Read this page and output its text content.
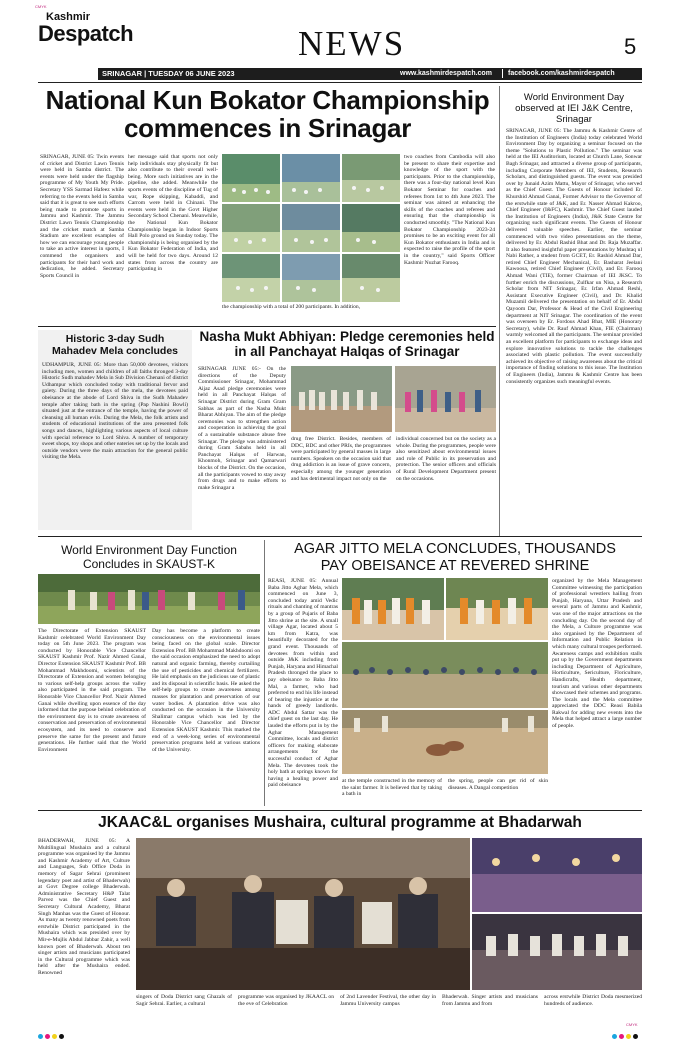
CMYK
CMYK
Kashmir
Despatch	NEWS	5
SRINAGAR | TUESDAY 06 JUNE 2023	www.kashmirdespatch.com facebook.com/kashmirdespatch
National Kun Bokator Championship
commences in Srinagar
SRINAGAR, JUNE 05: Twin events of cricket and District Lawn Tennis were held in Samba district. The events were held under the flagship programme of My Youth My Pride. Secretary YSS Sarmad Hafeez while referring to the events held in Samba said that it is great to see such efforts being made to promote sports in Jammu and Kashmir. The Jammu District Lawn Tennis Championship and the cricket match at Samba Stadium are excellent examples of how we can encourage young people to take an active interest in sports, I commend the organisers and participants for their hard work and dedication, he added. Secretary Sports Council in
her message said that sports not only help individuals stay physically fit but also contribute to their overall well-being. More such initiatives are in the pipeline, she added. Meanwhile the sports events of the discipline of Tug of war, Rope skipping, Kabaddi, and Carrom were held in Chinani. The events were held in the Govt Higher Secondary School Chenani. Meanwhile, the National Kun Bokator Championship began in Indoor Sports Hall Polo ground on Sunday today. The championship is being organised by the Kun Bokator Federation of India, and will be held for two days. Around 12 states from across the country are participating in
the championship with a total of 200 participants. In addition,
two coaches from Cambodia will also be present to share their expertise and knowledge of the sport with the participants. Prior to the championship, there was a four-day national level Kun Bokator Seminar for coaches and referees from 1st to 4th June 2023. The seminar was aimed at enhancing the skills of the coaches and referees and ensuring that the championship is conducted smoothly. "The National Kun Bokator Championship 2023-24 promises to be an exciting event for all Kun Bokator enthusiasts in India and is expected to raise the profile of the sport in the country," said Sports Officer Kashmir Nuzhat Farooq.
World Environment Day observed at IEI J&K Centre, Srinagar
SRINAGAR, JUNE 05: The Jammu & Kashmir Centre of the Institution of Engineers (India) today celebrated World Environment Day by organizing a seminar focused on the theme "Solutions to Plastic Pollution." The seminar was held at the IEI Auditorium, located at Church Lane, Sonwar Bagh Srinagar, and attracted a diverse group of participants, including Corporate Members of IEI, Students, Research Scholars, and distinguished guests. The event was presided over by Junaid Azim Mattu, Mayor of Srinagar, who served as the Chief Guest. The Guests of Honour included Er. Khurshid Ahmad Ganai, Former Advisor to the Governor of the erstwhile state of J&K, and Er. Nasser Ahmad Kakroo, Chief Engineer (I&FC), Kashmir. The Chief Guest lauded the Institution of Engineers (India), J&K State Centre for organizing such significant events. The Guests of Honour delivered valuable speeches. Earlier, the seminar commenced with two video presentations on the theme, delivered by Er. Abdul Rashid Bhat and Dr. Raja Muzaffar. It also featured insightful paper presentations by Mushtaq ul Nabi Rather, a student from GCET, Er. Rashid Ahmad Dar, retired Chief Engineer Mechanical, Er. Basharat Jeelani Kawoosa, retired Chief Engineer (Civil), and Er. Farooq Ahmad Wani (TIE), former Chairman of IEI JKSC. To further enrich the discussions, Zulfkar un Nisa, a Research Scholar from NIT Srinagar, Er. Irfan Ahmad Reshi, Assistant Executive Engineer (Civil), and Dr. Khalid Muzamil delivered the presentation on behalf of Er. Abdul Qayoom Dar, Professor & Head of the Civil Engineering department at NIT Srinagar. The coordination of the event was overseen by Er. Fordous Ahad Bhat, MIE (Honorary Secretary), while Dr. Rauf Ahmad Khan, FIE (Chairman) warmly welcomed all the participants. The seminar provided an excellent platform for participants to exchange ideas and explore innovative solutions to tackle the challenges associated with plastic pollution. The event successfully achieved its objective of raising awareness about the critical importance of finding solutions to this issue. The Institution of Engineers (India), Jammu & Kashmir Centre has been consistently organizes such meaningful events.
Historic 3-day Sudh Mahadev Mela concludes
UDHAMPUR, JUNE 05: More than 50,000 devotees, visitors including men, women and children of all faiths thronged 3-day Historic Sudh mahadev Mela in Sub Division Chenani of district Udhampur which concluded today with traditional fervor and gaiety. During the three days of the mela, the devotees paid obeisance at the abode of Lord Shiva in the Sudh Mahadev temple after taking bath in the spring (Pap Nashini Bowli) situated just at the entrance of the temple, having the power of cleansing all human evils. During the Mela, the folk artists and students of educational institutions of the area presented folk songs and dances, highlighting various aspects of local culture with special reference to Lord Shiva. A number of temporary sweet shops, toy shops and other eateries set up by the locals and outside vendors were the main attraction for the general public visiting the Mela.
Nasha Mukt Abhiyan: Pledge ceremonies held
in all Panchayat Halqas of Srinagar
SRINAGAR JUNE 05:- On the directions of the Deputy Commissioner Srinagar, Mohammad Aijaz Asad pledge ceremonies were held in all Panchayat Halqas of Srinagar District during Gram Gram Sabhas as part of the Nasha Mukt Bharat Abhiyan. The aim of the pledge ceremonies was to strengthen action and cooperation in achieving the goal of a sustainable substance abuse free Srinagar. The pledge was administered during Gram Sabahs held in all Panchayat Halqas of Harwan, Khonmoh, Srinagar and Qamarwari blocks of the District. On the occasion, all the participants vowed to stay away from drugs and to make efforts to make Srinagar a
drug free District. Besides, members of DDC, BDC and other PRIs, the programmes were participated by general masses in large numbers. Speakers on the occasion said that drug addiction is an issue of grave concern, especially among the younger generation and has detrimental impact not only on the
individual concerned but on the society as a whole. During the programmes, people were also sensitized about environmental issues and role of Public in its preservation and protection. The senior officers and officials of Rural Development Department present on the occasions.
World Environment Day Function
Concludes in SKAUST-K
The Directorate of Extension SKAUST Kashmir celebrated World Environment Day today on 5th June 2023. The program was conducted by Honorable Vice Chancellor SKAUST Kashmir Prof. Nazir Ahmed Ganai, Director Extension SKAUST Kashmir Prof. BB Mohammad Makhdoomi, scientists of the Directorate of Extension and women belonging to various self-help groups across the valley also participated in the said program. The Honorable Vice Chancellor Prof. Nazir Ahmed Ganai while dwelling upon essence of the day informed that the purpose behind celebration of the environment day is to create awareness of conservation and preservation of environmental ecosystem, and its need to conserve and preserve the same for the present and future generations. He further said that the World Environment
Day has become a platform to create consciousness on the environmental issues being faced on the global scale. Director Extension Prof. BB Mohammad Makhdoomi on the said occasion emphasized the need to adopt natural and organic farming, thereby curtailing the use of pesticides and chemical fertilizers. He laid emphasis on the judicious use of plastic and its disposal in scientific basis. He asked the self-help groups to create awareness among masses for plantation and preservation of our water bodies. A plantation drive was also conducted on the occasion in the University Shalimar campus which was led by the Honorable Vice Chancellor and Director Extension SKAUST Kashmir. This marked the end of a week-long series of environmental preservation programs held at various stations of the University.
AGAR JITTO MELA CONCLUDES, THOUSANDS
PAY OBEISANCE AT REVERED SHRINE
REASI, JUNE 05: Annual Baba Jitto Aghar Mela, which commenced on June 3, concluded today amid Vedic rituals and chanting of mantras by a group of Pujaris of Baba Jitto shrine at the site. A small village Agar, located about 5 km from Katra, was beautifully decorated for the grand event. Thousands of devotees from within and outside J&K including from Punjab, Haryana and Himachal Pradesh thronged the place to pay obeisance to Baba Jitto Mal, a farmer, who had preferred to end his life instead of bearing the injustice at the hands of greedy landlords. ADC Abdul Sattar was the chief guest on the last day. He lauded the efforts put in by the Aghar Management Committee, locals and district officers for making elaborate arrangements for the successful conduct of Aghar Mela. The devotees took the holy bath at springs known for having a healing power and paid obeisance
at the temple constructed in the memory of the saint farmer. It is believed that by taking a bath in
the spring, people can get rid of skin diseases. A Dangal competition
organized by the Mela Management Committee witnessing the participation of professional wrestlers hailing from Punjab, Haryana, Uttar Pradesh and several parts of Jammu and Kashmir, was one of the major attractions on the concluding day. On the second day of the Mela, a Culture programme was also organised by the Department of Information and Public Relation in which many cultural troupes performed. Awareness camps and exhibition stalls put up by the Government departments including Department of Agriculture, Horticulture, Sericulture, Floriculture, Handicrafts, Health department, tourism and various other departments showcased their schemes and programs. The locals and the Mela committee appreciated the DDC Reasi Babila Rakwal for adding new events into the Mela that helped attract a large number of people.
JKAAC&L organises Mushaira, cultural programme at Bhadarwah
BHADERWAH, JUNE 05: A Multilingual Mushaira and a cultural programme was organised by the Jammu and Kashmir Academy of Art, Culture and Languages, Sub Office Doda in memory of Sagar Sehrai (prominent legendary poet and artist of Bhaderwah) at Govt Degree college Bhaderwah. Administrative Secretary H&P Talat Parvez was the Chief Guest and Secretary Cultural Academy, Bharat Singh Manhas was the Guest of Honour. As many as twenty renowned poets from erstwhile District participated in the Mushaira which was presided over by Mir-e-Mujlis Abdul Jabbar Zahir, a well known poet of Bhaderwah. About ten singer artists and musicians participated in the Cultural programme which was held after the Mushaira ended. Renowned
singers of Doda District sang Ghazals of Sagir Sehrai. Earlier, a cultural
programme was organised by JKAACL on the eve of Celebration
of 2nd Lavender Festival, the other day in Jammu University campus
Bhaderwah. Singer artists and musicians from Jammu and from
across erstwhile District Doda mesmerized hundreds of audience.
